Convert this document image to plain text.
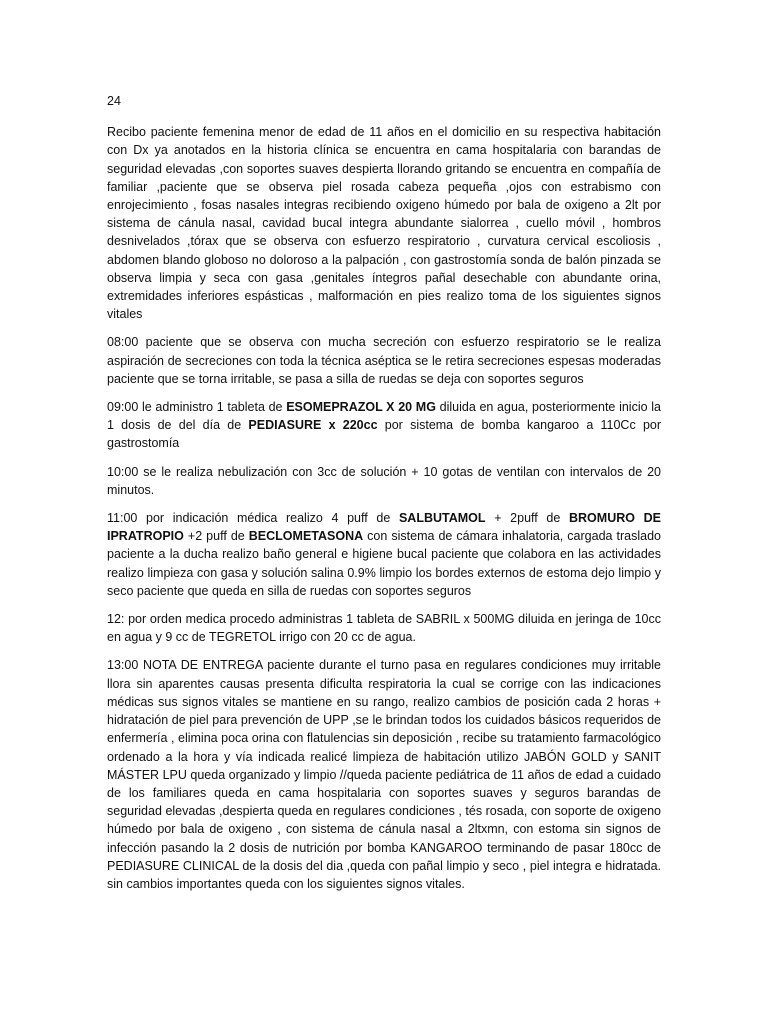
24

Recibo paciente femenina menor de edad de 11 años en el domicilio en su respectiva habitación con Dx ya anotados en la historia clínica se encuentra en cama hospitalaria con barandas de seguridad elevadas ,con soportes suaves despierta llorando gritando se encuentra en compañía de familiar ,paciente que se observa piel rosada cabeza pequeña ,ojos con estrabismo con enrojecimiento , fosas nasales integras recibiendo oxigeno húmedo por bala de oxigeno a 2lt por sistema de cánula nasal, cavidad bucal integra abundante sialorrea , cuello móvil , hombros desnivelados ,tórax que se observa con esfuerzo respiratorio , curvatura cervical escoliosis , abdomen blando globoso no doloroso a la palpación , con gastrostomía sonda de balón pinzada se observa limpia y seca con gasa ,genitales íntegros pañal desechable con abundante orina, extremidades inferiores espásticas , malformación en pies realizo toma de los siguientes signos vitales

08:00 paciente que se observa con mucha secreción con esfuerzo respiratorio se le realiza aspiración de secreciones con toda la técnica aséptica se le retira secreciones espesas moderadas paciente que se torna irritable, se pasa a silla de ruedas se deja con soportes seguros

09:00 le administro 1 tableta de ESOMEPRAZOL X 20 MG diluida en agua, posteriormente inicio la 1 dosis de del día de PEDIASURE x 220cc por sistema de bomba kangaroo a 110Cc por gastrostomía

10:00 se le realiza nebulización con 3cc de solución + 10 gotas de ventilan con intervalos de 20 minutos.

11:00 por indicación médica realizo 4 puff de SALBUTAMOL + 2puff de BROMURO DE IPRATROPIO +2 puff de BECLOMETASONA con sistema de cámara inhalatoria, cargada traslado paciente a la ducha realizo baño general e higiene bucal paciente que colabora en las actividades realizo limpieza con gasa y solución salina 0.9% limpio los bordes externos de estoma dejo limpio y seco paciente que queda en silla de ruedas con soportes seguros

12: por orden medica procedo administras 1 tableta de SABRIL x 500MG diluida en jeringa de 10cc en agua y 9 cc de TEGRETOL irrigo con 20 cc de agua.

13:00 NOTA DE ENTREGA paciente durante el turno pasa en regulares condiciones muy irritable llora sin aparentes causas presenta dificulta respiratoria la cual se corrige con las indicaciones médicas sus signos vitales se mantiene en su rango, realizo cambios de posición cada 2 horas + hidratación de piel para prevención de UPP ,se le brindan todos los cuidados básicos requeridos de enfermería , elimina poca orina con flatulencias sin deposición , recibe su tratamiento farmacológico ordenado a la hora y vía indicada realicé limpieza de habitación utilizo JABÓN GOLD y SANIT MÁSTER LPU queda organizado y limpio //queda paciente pediátrica de 11 años de edad a cuidado de los familiares queda en cama hospitalaria con soportes suaves y seguros barandas de seguridad elevadas ,despierta queda en regulares condiciones , tés rosada, con soporte de oxigeno húmedo por bala de oxigeno , con sistema de cánula nasal a 2ltxmn, con estoma sin signos de infección pasando la 2 dosis de nutrición por bomba KANGAROO terminando de pasar 180cc de PEDIASURE CLINICAL de la dosis del dia ,queda con pañal limpio y seco , piel integra e hidratada. sin cambios importantes queda con los siguientes signos vitales.
